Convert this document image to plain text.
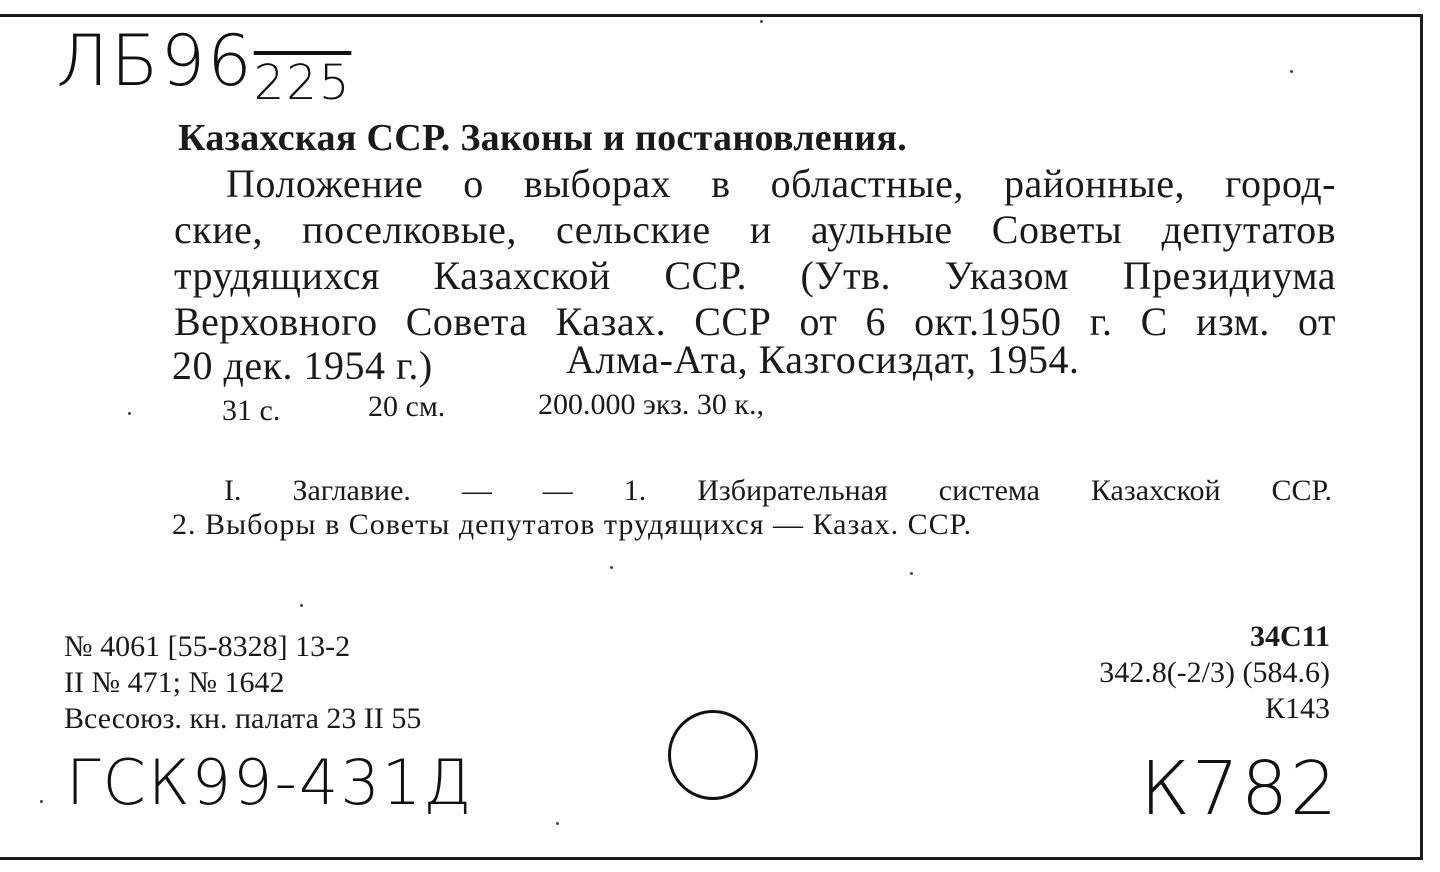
$ЛБ96_{225}$
Казахская ССР. Законы и постановления.
Положение о выборах в областные, районные, город-
ские, поселковые, сельские и аульные Советы депутатов
трудящихся Казахской ССР. (Утв. Указом Президиума
Верховного Совета Казах. ССР от 6 окт.1950 г. С изм. от
20 дек. 1954 г.)	Алма-Ата, Казгосиздат, 1954.
31 с.	20 см.	200.000 экз. 30 к.,
I. Заглавие. — — 1. Избирательная система Казахской ССР.
2. Выборы в Советы депутатов трудящихся — Казах. ССР.
№ 4061 [55-8328] 13-2
II № 471; № 1642
Всесоюз. кн. палата 23 II 55
34С11
342.8(-2/3) (584.6)
К143
ГСК99-431Д	К782
